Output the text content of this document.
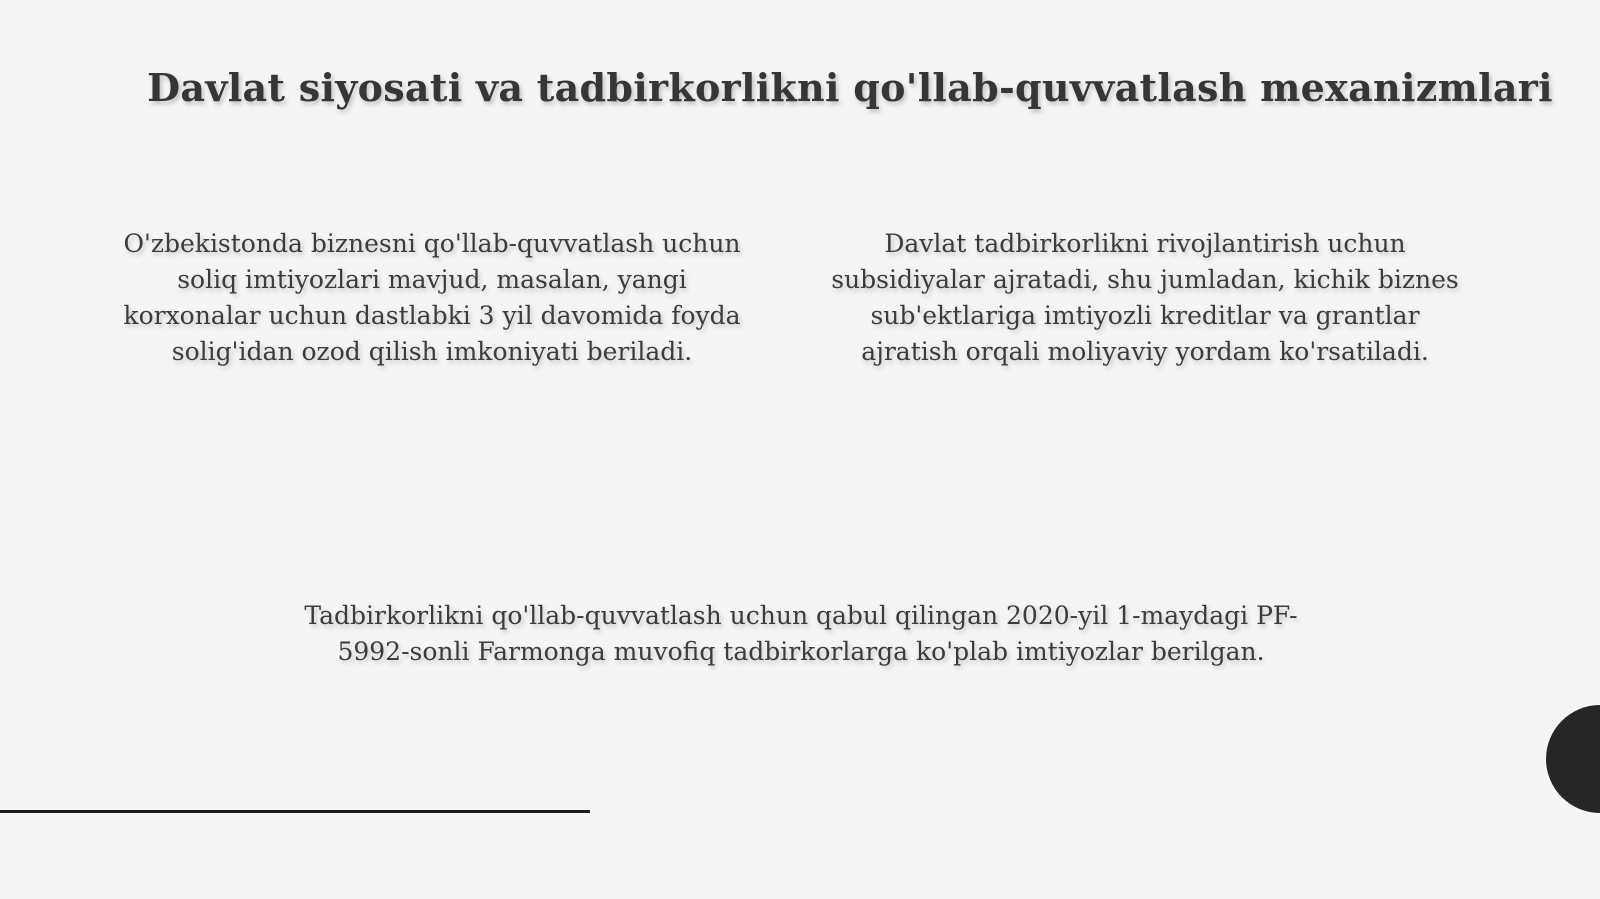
Davlat siyosati va tadbirkorlikni qo'llab-quvvatlash mexanizmlari

O'zbekistonda biznesni qo'llab-quvvatlash uchun soliq imtiyozlari mavjud, masalan, yangi korxonalar uchun dastlabki 3 yil davomida foyda solig'idan ozod qilish imkoniyati beriladi.

Davlat tadbirkorlikni rivojlantirish uchun subsidiyalar ajratadi, shu jumladan, kichik biznes sub'ektlariga imtiyozli kreditlar va grantlar ajratish orqali moliyaviy yordam ko'rsatiladi.

Tadbirkorlikni qo'llab-quvvatlash uchun qabul qilingan 2020-yil 1-maydagi PF-5992-sonli Farmonga muvofiq tadbirkorlarga ko'plab imtiyozlar berilgan.
